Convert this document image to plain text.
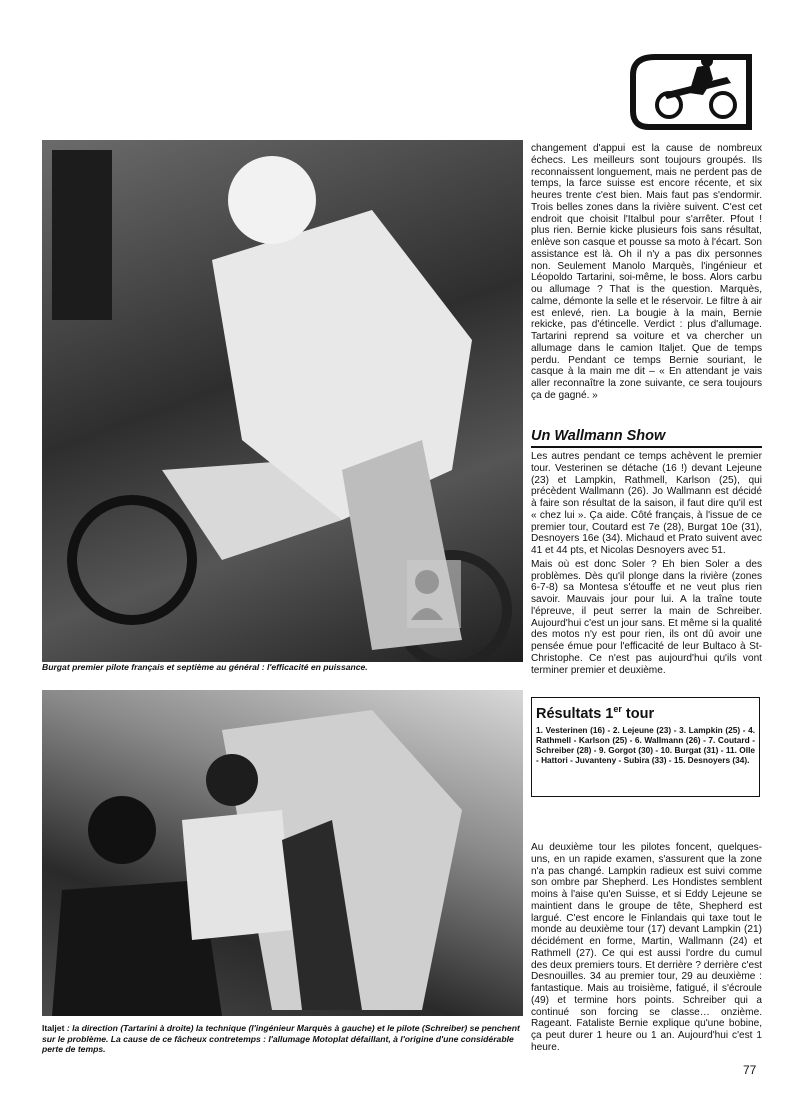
Burgat premier pilote français et septième au général : l'efficacité en puissance.
Italjet : la direction (Tartarini à droite) la technique (l'ingénieur Marquès à gauche) et le pilote (Schreiber) se penchent sur le problème. La cause de ce fâcheux contretemps : l'allumage Motoplat défaillant, à l'origine d'une considérable perte de temps.

changement d'appui est la cause de nombreux échecs. Les meilleurs sont toujours groupés. Ils reconnaissent longuement, mais ne perdent pas de temps, la farce suisse est encore récente, et six heures trente c'est bien. Mais faut pas s'endormir. Trois belles zones dans la rivière suivent. C'est cet endroit que choisit l'Italbul pour s'arrêter. Pfout ! plus rien. Bernie kicke plusieurs fois sans résultat, enlève son casque et pousse sa moto à l'écart. Son assistance est là. Oh il n'y a pas dix personnes non. Seulement Manolo Marquès, l'ingénieur et Léopoldo Tartarini, soi-même, le boss. Alors carbu ou allumage ? That is the question. Marquès, calme, démonte la selle et le réservoir. Le filtre à air est enlevé, rien. La bougie à la main, Bernie rekicke, pas d'étincelle. Verdict : plus d'allumage. Tartarini reprend sa voiture et va chercher un allumage dans le camion Italjet. Que de temps perdu. Pendant ce temps Bernie souriant, le casque à la main me dit – « En attendant je vais aller reconnaître la zone suivante, ce sera toujours ça de gagné. »

Un Wallmann Show

Les autres pendant ce temps achèvent le premier tour. Vesterinen se détache (16 !) devant Lejeune (23) et Lampkin, Rathmell, Karlson (25), qui précèdent Wallmann (26). Jo Wallmann est décidé à faire son résultat de la saison, il faut dire qu'il est « chez lui ». Ça aide. Côté français, à l'issue de ce premier tour, Coutard est 7e (28), Burgat 10e (31), Desnoyers 16e (34). Michaud et Prato suivent avec 41 et 44 pts, et Nicolas Desnoyers avec 51.

Mais où est donc Soler ? Eh bien Soler a des problèmes. Dès qu'il plonge dans la rivière (zones 6-7-8) sa Montesa s'étouffe et ne veut plus rien savoir. Mauvais jour pour lui. A la traîne toute l'épreuve, il peut serrer la main de Schreiber. Aujourd'hui c'est un jour sans. Et même si la qualité des motos n'y est pour rien, ils ont dû avoir une pensée émue pour l'efficacité de leur Bultaco à St-Christophe. Ce n'est pas aujourd'hui qu'ils vont terminer premier et deuxième.

Résultats 1er tour

1. Vesterinen (16) - 2. Lejeune (23) - 3. Lampkin (25) - 4. Rathmell - Karlson (25) - 6. Wallmann (26) - 7. Coutard - Schreiber (28) - 9. Gorgot (30) - 10. Burgat (31) - 11. Olle - Hattori - Juvanteny - Subira (33) - 15. Desnoyers (34).

Au deuxième tour les pilotes foncent, quelques-uns, en un rapide examen, s'assurent que la zone n'a pas changé. Lampkin radieux est suivi comme son ombre par Shepherd. Les Hondistes semblent moins à l'aise qu'en Suisse, et si Eddy Lejeune se maintient dans le groupe de tête, Shepherd est largué. C'est encore le Finlandais qui taxe tout le monde au deuxième tour (17) devant Lampkin (21) décidément en forme, Martin, Wallmann (24) et Rathmell (27). Ce qui est aussi l'ordre du cumul des deux premiers tours. Et derrière ? derrière c'est Desnouilles. 34 au premier tour, 29 au deuxième : fantastique. Mais au troisième, fatigué, il s'écroule (49) et termine hors points. Schreiber qui a continué son forcing se classe… onzième. Rageant. Fataliste Bernie explique qu'une bobine, ça peut durer 1 heure ou 1 an. Aujourd'hui c'est 1 heure.

77
